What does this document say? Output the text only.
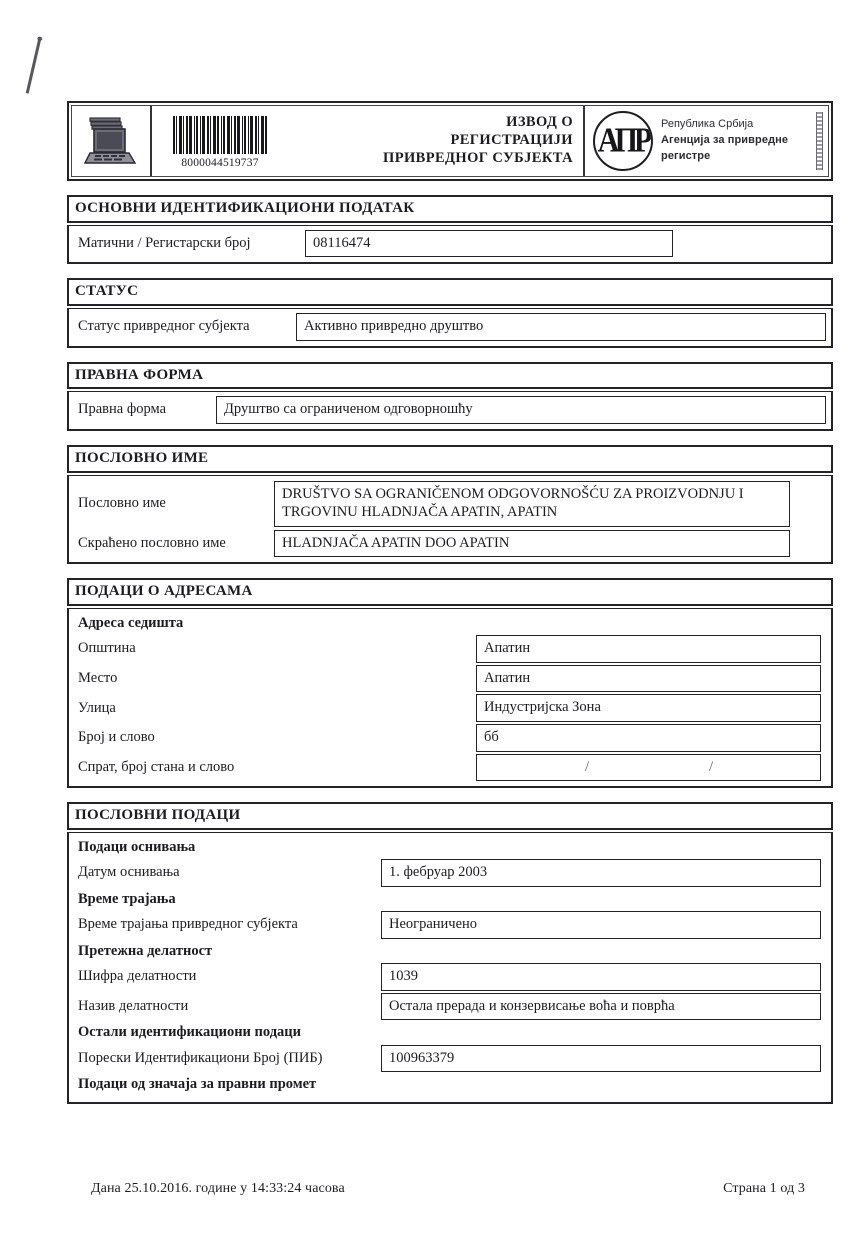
8000044519737
ИЗВОД О
РЕГИСТРАЦИЈИ
ПРИВРЕДНОГ СУБЈЕКТА АПР Република Србија
Агенција за привредне регистре
ОСНОВНИ ИДЕНТИФИКАЦИОНИ ПОДАТАК
Матични / Регистарски број	08116474
СТАТУС
Статус привредног субјекта	Активно привредно друштво
ПРАВНА ФОРМА
Правна форма	Друштво са ограниченом одговорношћу
ПОСЛОВНО ИМЕ
Пословно име
DRUŠTVO SA OGRANIČENOM ODGOVORNOŠĆU ZA PROIZVODNJU I TRGOVINU HLADNJAČA APATIN, APATIN
Скраћено пословно име	HLADNJAČA APATIN DOO APATIN
ПОДАЦИ О АДРЕСАМА
Адреса седишта
Општина	Апатин
Место	Апатин
Улица	Индустријска Зона
Број и слово	бб
Спрат, број стана и слово	/	/
ПОСЛОВНИ ПОДАЦИ
Подаци оснивања
Датум оснивања	1. фебруар 2003
Време трајања
Време трајања привредног субјекта	Неограничено
Претежна делатност
Шифра делатности	1039
Назив делатности	Остала прерада и конзервисање воћа и поврћа
Остали идентификациони подаци
Порески Идентификациони Број (ПИБ)	100963379
Подаци од значаја за правни промет
Дана 25.10.2016. године у 14:33:24 часова	Страна 1 од 3
